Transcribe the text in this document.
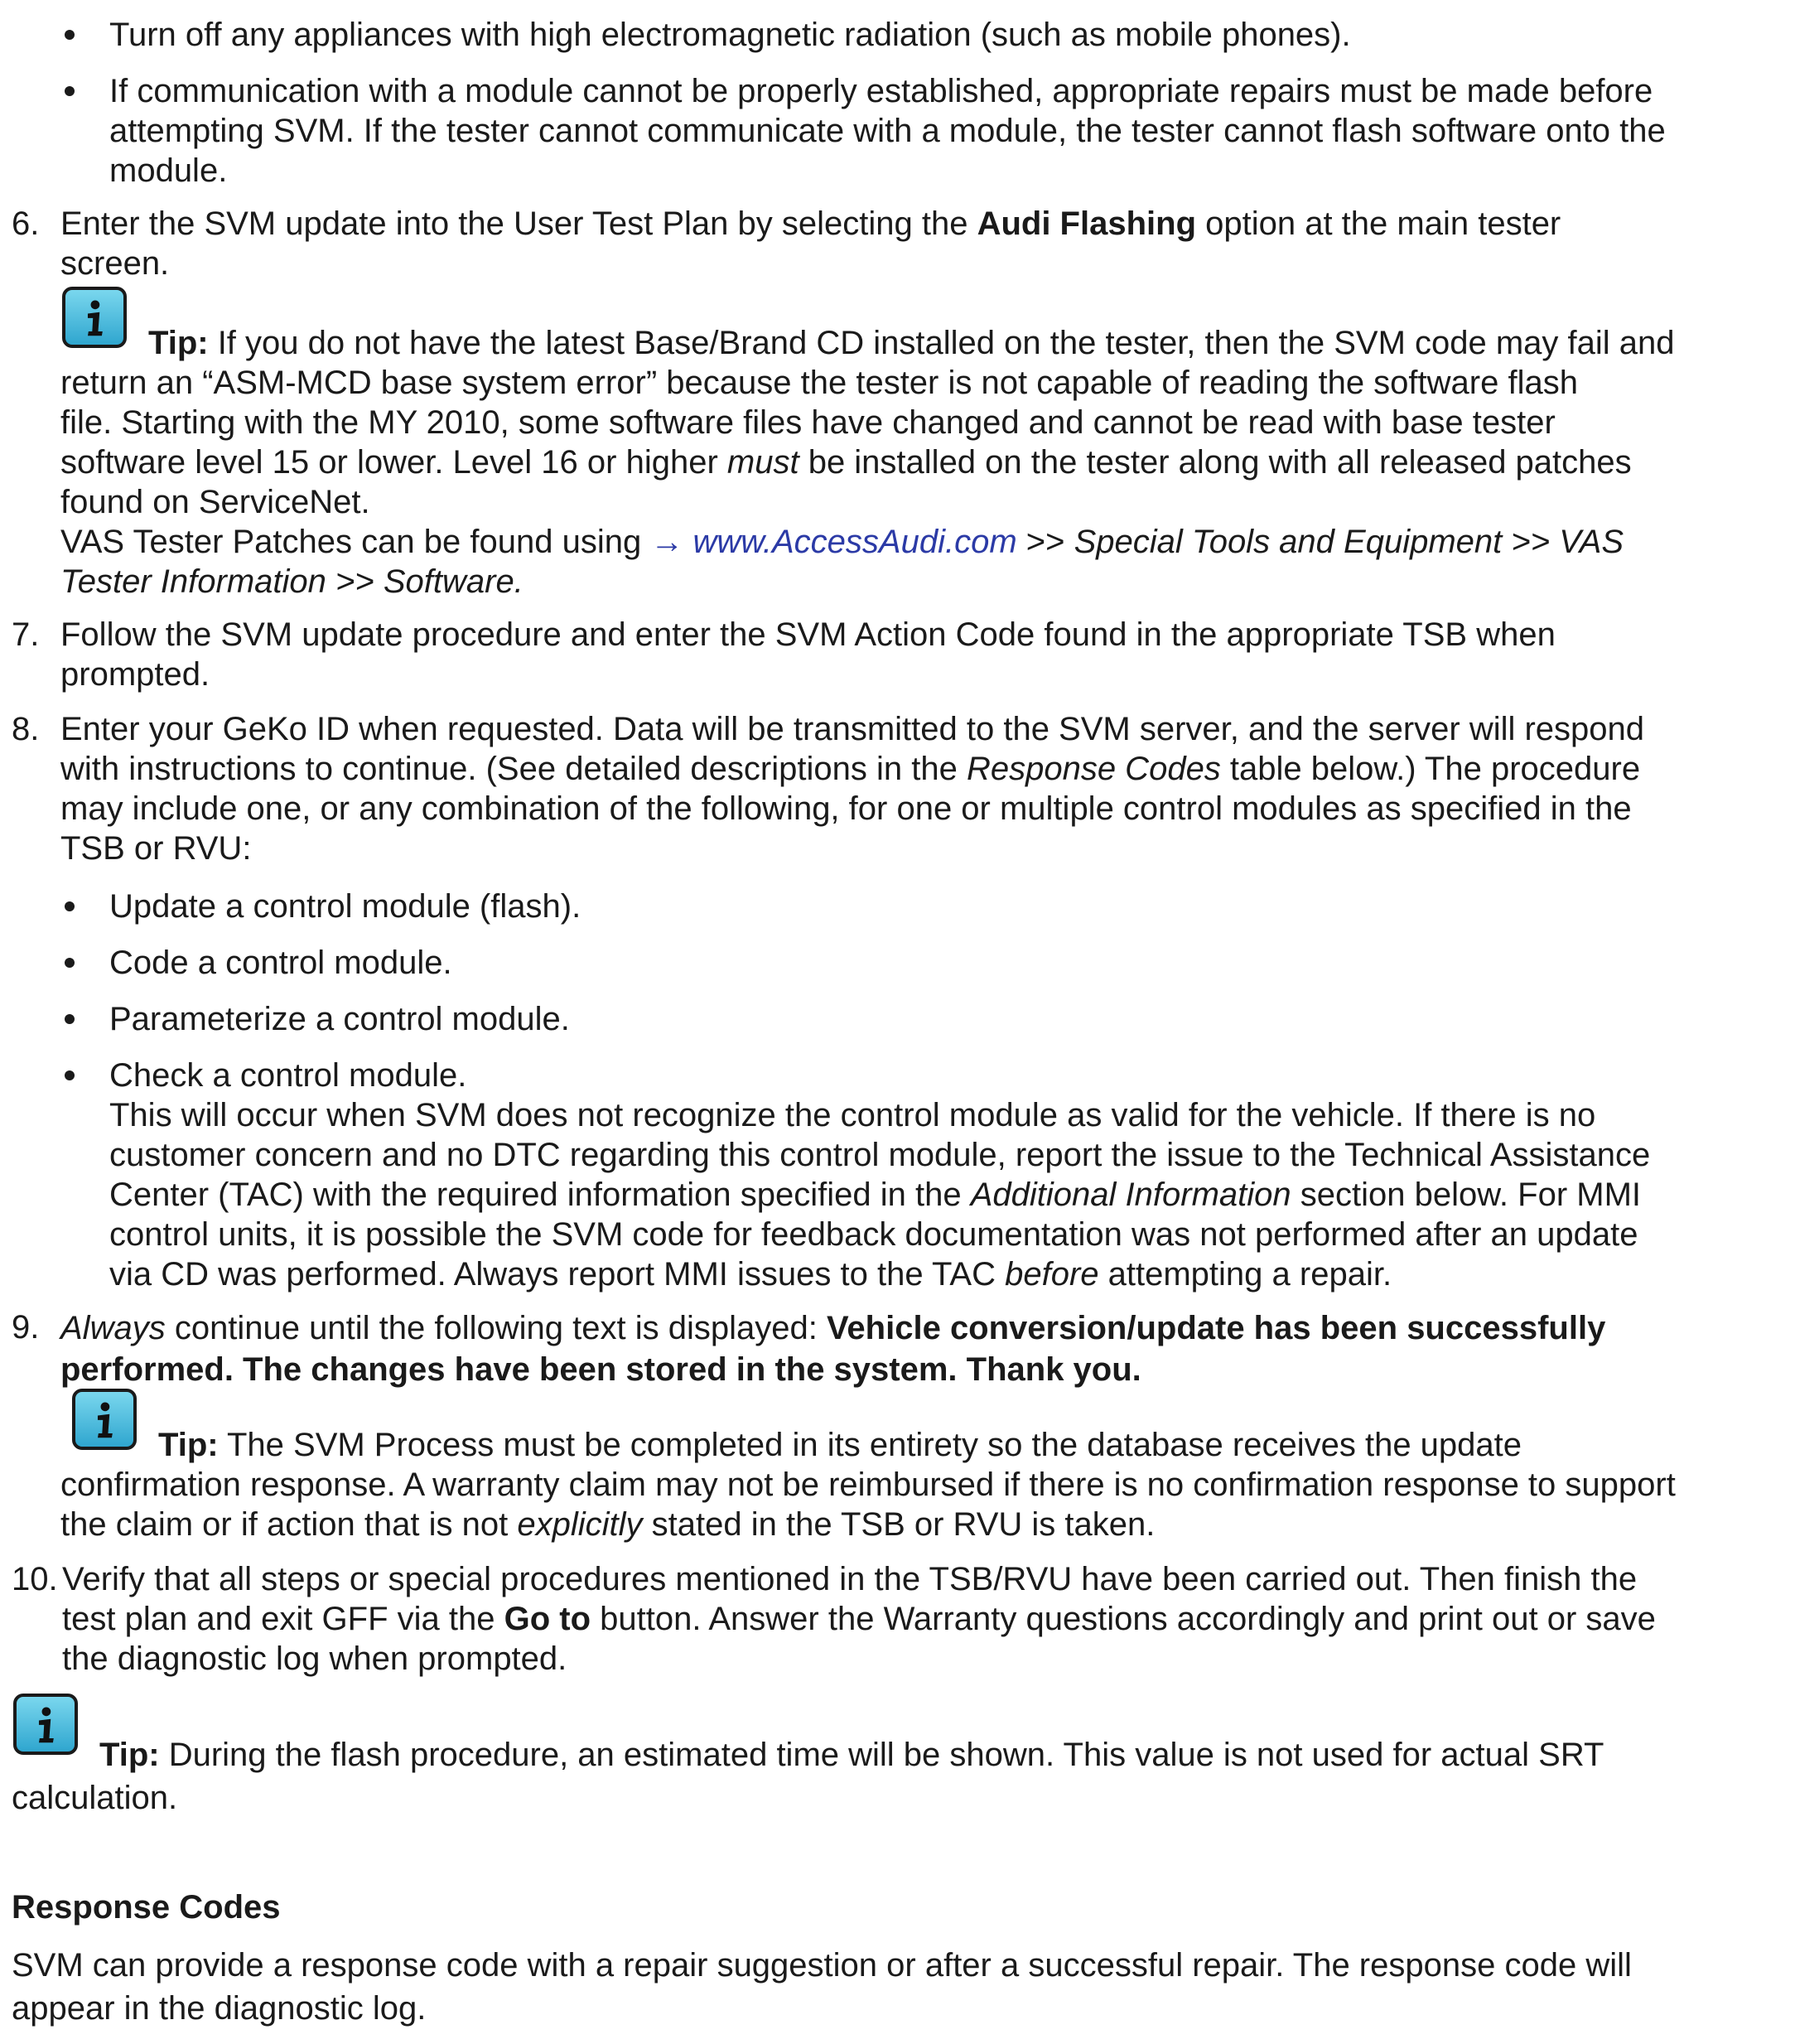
Turn off any appliances with high electromagnetic radiation (such as mobile phones).
If communication with a module cannot be properly established, appropriate repairs must be made before
attempting SVM. If the tester cannot communicate with a module, the tester cannot flash software onto the
module.
6. Enter the SVM update into the User Test Plan by selecting the Audi Flashing option at the main tester
screen.
Tip: If you do not have the latest Base/Brand CD installed on the tester, then the SVM code may fail and
return an “ASM-MCD base system error” because the tester is not capable of reading the software flash
file. Starting with the MY 2010, some software files have changed and cannot be read with base tester
software level 15 or lower. Level 16 or higher must be installed on the tester along with all released patches
found on ServiceNet.
VAS Tester Patches can be found using → www.AccessAudi.com >> Special Tools and Equipment >> VAS
Tester Information >> Software.
7. Follow the SVM update procedure and enter the SVM Action Code found in the appropriate TSB when
prompted.
8. Enter your GeKo ID when requested. Data will be transmitted to the SVM server, and the server will respond
with instructions to continue. (See detailed descriptions in the Response Codes table below.) The procedure
may include one, or any combination of the following, for one or multiple control modules as specified in the
TSB or RVU:
Update a control module (flash).
Code a control module.
Parameterize a control module.
Check a control module.
This will occur when SVM does not recognize the control module as valid for the vehicle. If there is no
customer concern and no DTC regarding this control module, report the issue to the Technical Assistance
Center (TAC) with the required information specified in the Additional Information section below. For MMI
control units, it is possible the SVM code for feedback documentation was not performed after an update
via CD was performed. Always report MMI issues to the TAC before attempting a repair.
9. Always continue until the following text is displayed: Vehicle conversion/update has been successfully
performed. The changes have been stored in the system. Thank you.
Tip: The SVM Process must be completed in its entirety so the database receives the update
confirmation response. A warranty claim may not be reimbursed if there is no confirmation response to support
the claim or if action that is not explicitly stated in the TSB or RVU is taken.
10. Verify that all steps or special procedures mentioned in the TSB/RVU have been carried out. Then finish the
test plan and exit GFF via the Go to button. Answer the Warranty questions accordingly and print out or save
the diagnostic log when prompted.
Tip: During the flash procedure, an estimated time will be shown. This value is not used for actual SRT
calculation.
Response Codes
SVM can provide a response code with a repair suggestion or after a successful repair. The response code will
appear in the diagnostic log.
